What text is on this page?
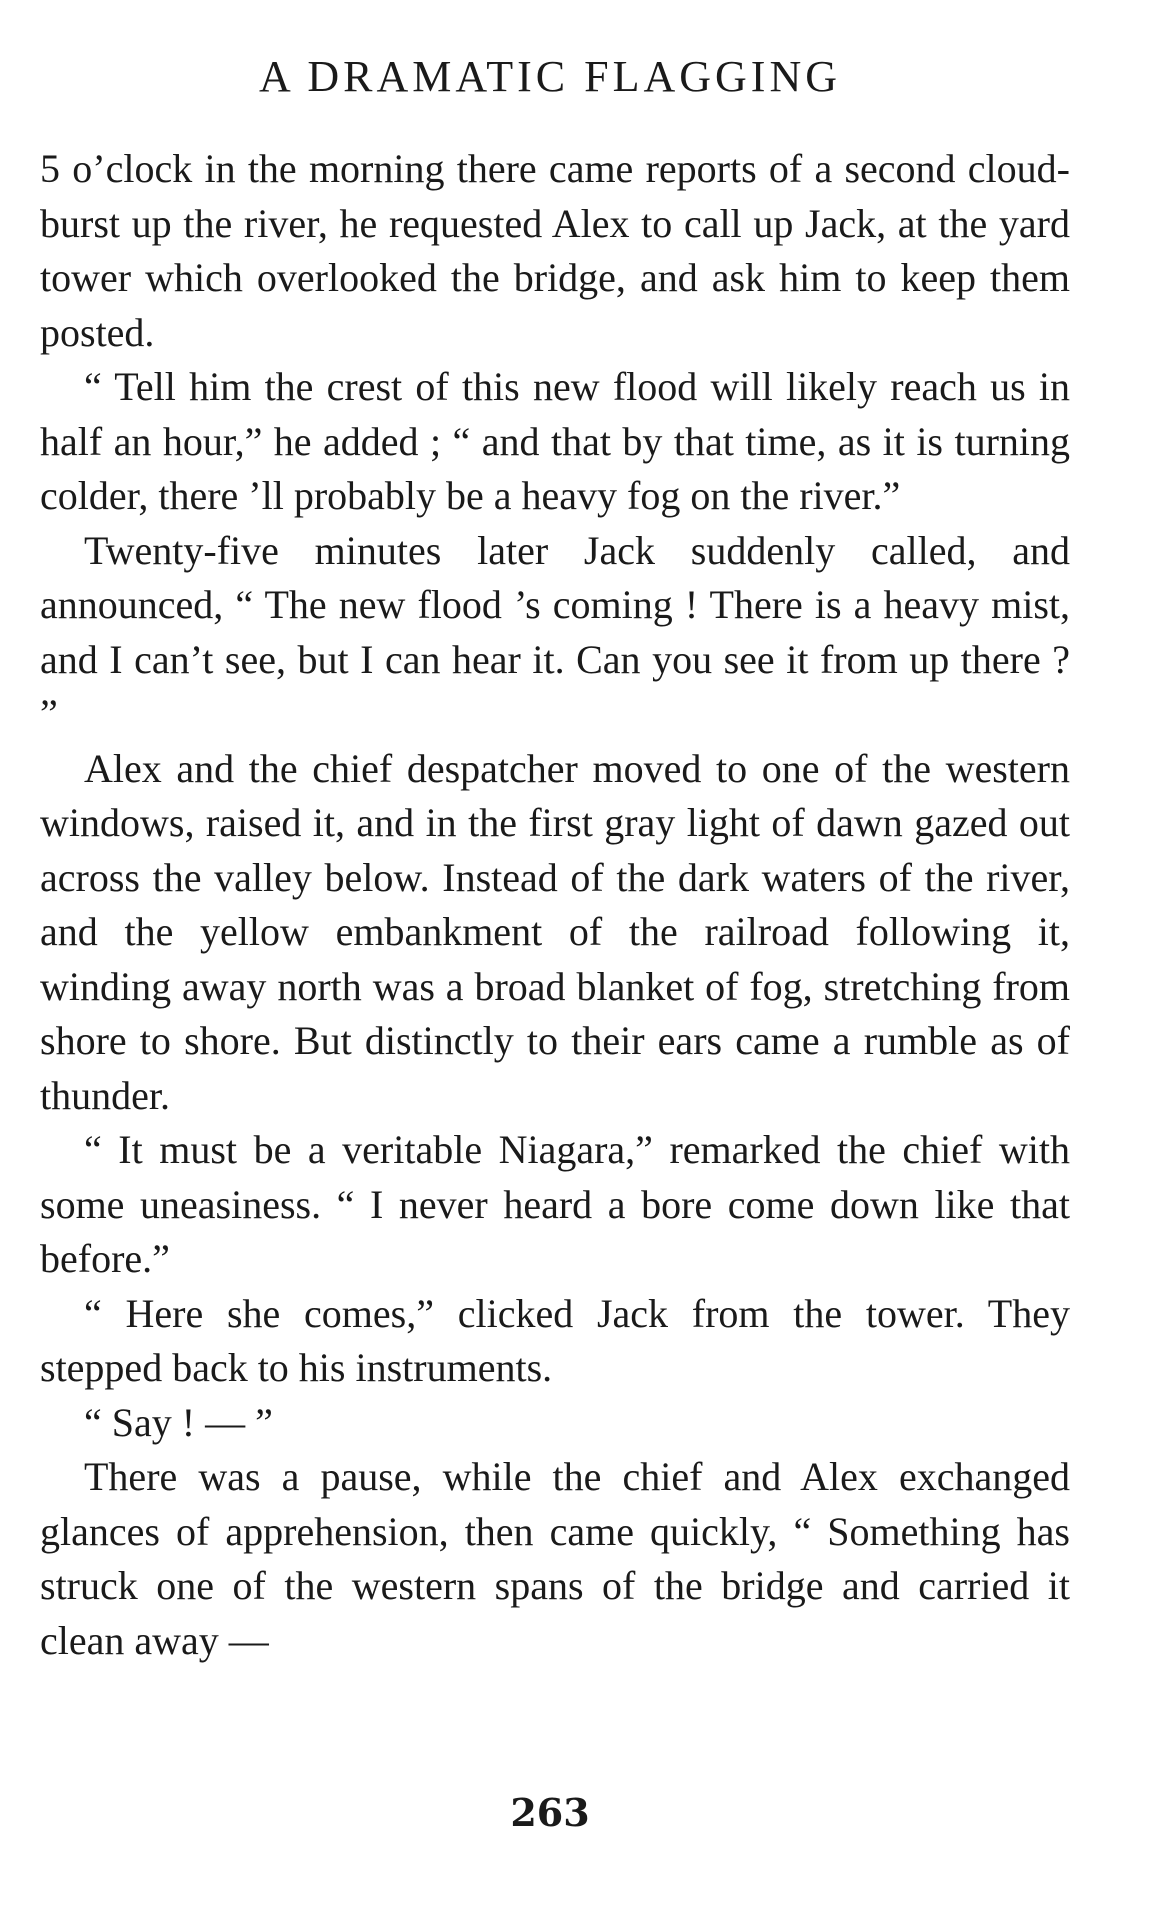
A DRAMATIC FLAGGING

5 o’clock in the morning there came reports of a second cloud-burst up the river, he requested Alex to call up Jack, at the yard tower which overlooked the bridge, and ask him to keep them posted.

“ Tell him the crest of this new flood will likely reach us in half an hour,” he added ; “ and that by that time, as it is turning colder, there ’ll probably be a heavy fog on the river.”

Twenty-five minutes later Jack suddenly called, and announced, “ The new flood ’s coming ! There is a heavy mist, and I can’t see, but I can hear it. Can you see it from up there ? ”

Alex and the chief despatcher moved to one of the western windows, raised it, and in the first gray light of dawn gazed out across the valley below. Instead of the dark waters of the river, and the yellow embankment of the railroad following it, winding away north was a broad blanket of fog, stretching from shore to shore. But distinctly to their ears came a rumble as of thunder.

“ It must be a veritable Niagara,” remarked the chief with some uneasiness. “ I never heard a bore come down like that before.”

“ Here she comes,” clicked Jack from the tower. They stepped back to his instruments.

“ Say ! — ”

There was a pause, while the chief and Alex exchanged glances of apprehension, then came quickly, “ Something has struck one of the western spans of the bridge and carried it clean away —

263
